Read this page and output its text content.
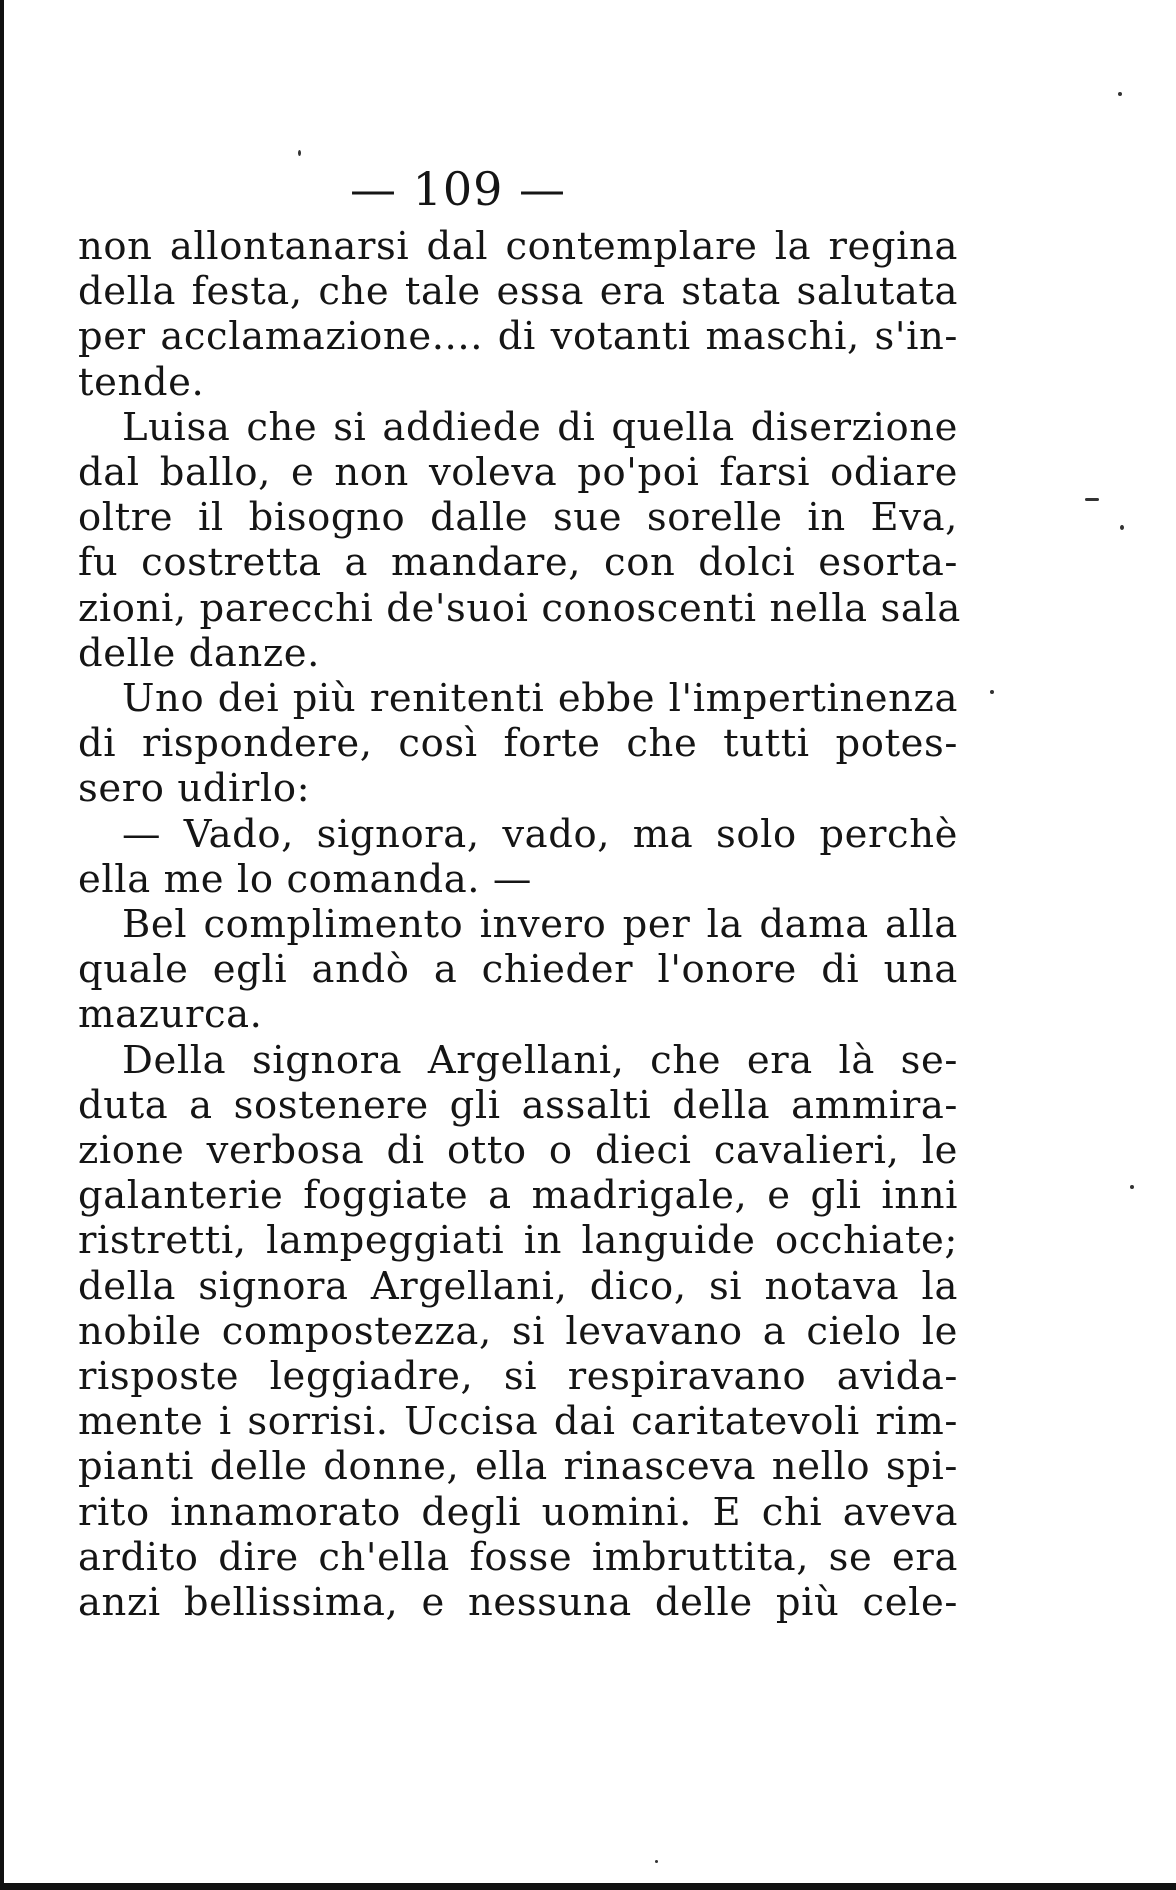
— 109 —
non allontanarsi dal contemplare la regina
della festa, che tale essa era stata salutata
per acclamazione.... di votanti maschi, s'in-
tende.
Luisa che si addiede di quella diserzione
dal ballo, e non voleva po'poi farsi odiare
oltre il bisogno dalle sue sorelle in Eva,
fu costretta a mandare, con dolci esorta-
zioni, parecchi de'suoi conoscenti nella sala
delle danze.
Uno dei più renitenti ebbe l'impertinenza
di rispondere, così forte che tutti potes-
sero udirlo:
— Vado, signora, vado, ma solo perchè
ella me lo comanda. —
Bel complimento invero per la dama alla
quale egli andò a chieder l'onore di una
mazurca.
Della signora Argellani, che era là se-
duta a sostenere gli assalti della ammira-
zione verbosa di otto o dieci cavalieri, le
galanterie foggiate a madrigale, e gli inni
ristretti, lampeggiati in languide occhiate;
della signora Argellani, dico, si notava la
nobile compostezza, si levavano a cielo le
risposte leggiadre, si respiravano avida-
mente i sorrisi. Uccisa dai caritatevoli rim-
pianti delle donne, ella rinasceva nello spi-
rito innamorato degli uomini. E chi aveva
ardito dire ch'ella fosse imbruttita, se era
anzi bellissima, e nessuna delle più cele-
